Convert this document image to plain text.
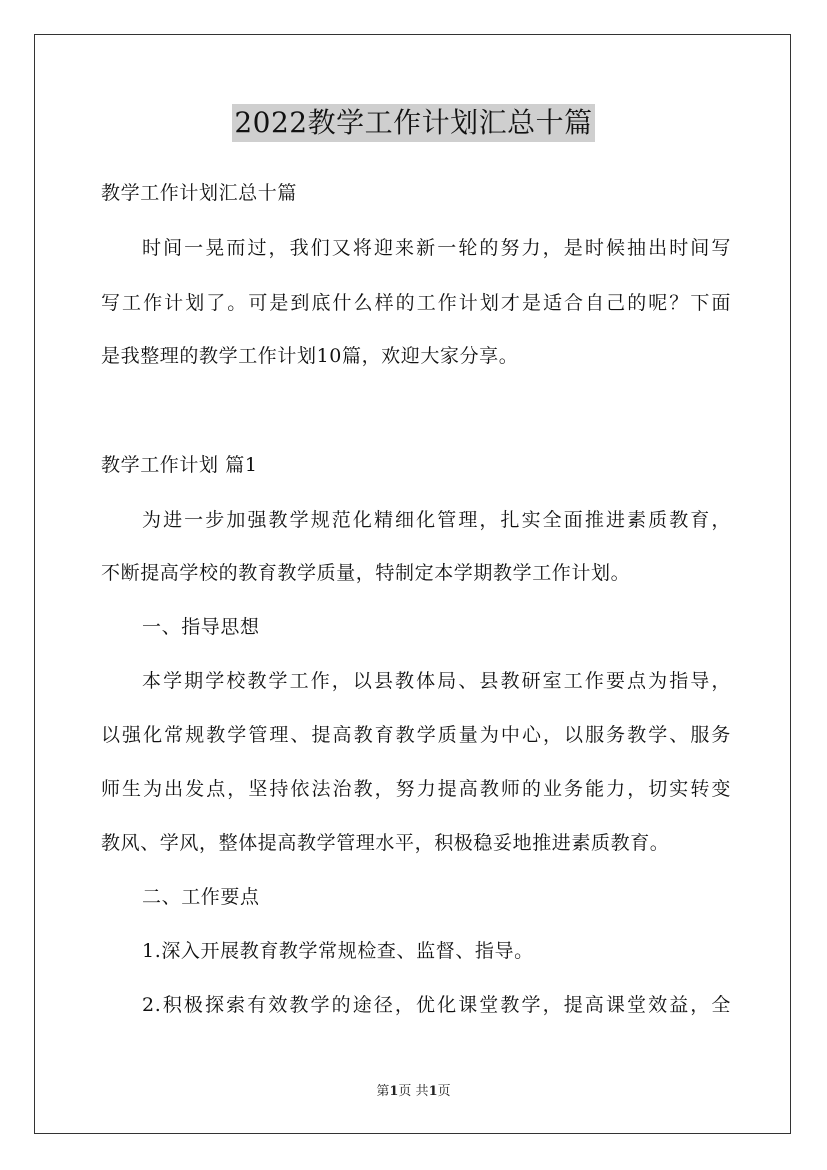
2022教学工作计划汇总十篇
教学工作计划汇总十篇
时间一晃而过，我们又将迎来新一轮的努力，是时候抽出时间写
写工作计划了。可是到底什么样的工作计划才是适合自己的呢？下面
是我整理的教学工作计划10篇，欢迎大家分享。
教学工作计划 篇1
为进一步加强教学规范化精细化管理，扎实全面推进素质教育，
不断提高学校的教育教学质量，特制定本学期教学工作计划。
一、指导思想
本学期学校教学工作，以县教体局、县教研室工作要点为指导，
以强化常规教学管理、提高教育教学质量为中心，以服务教学、服务
师生为出发点，坚持依法治教，努力提高教师的业务能力，切实转变
教风、学风，整体提高教学管理水平，积极稳妥地推进素质教育。
二、工作要点
1.深入开展教育教学常规检查、监督、指导。
2.积极探索有效教学的途径，优化课堂教学，提高课堂效益，全
第1页 共1页
